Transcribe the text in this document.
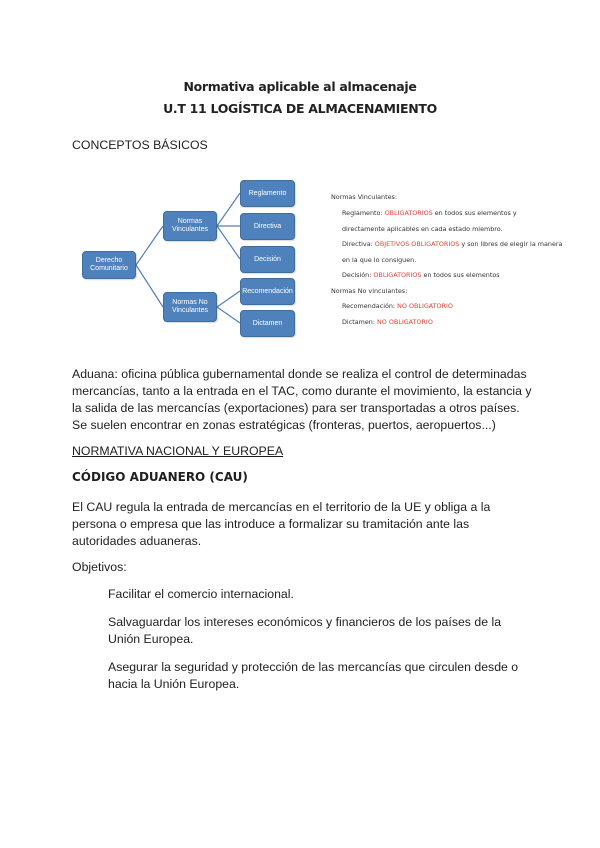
Normativa aplicable al almacenaje
U.T 11 LOGÍSTICA DE ALMACENAMIENTO
CONCEPTOS BÁSICOS
Derecho
Comunitario
Normas
Vinculantes
Normas No
Vinculantes
Reglamento
Directiva
Decisión
Recomendación
Dictamen
Normas Vinculantes:
Reglamento: OBLIGATORIOS en todos sus elementos y
directamente aplicables en cada estado miembro.
Directiva: OBJETIVOS OBLIGATORIOS y son libres de elegir la manera
en la que lo consiguen.
Decisión: OBLIGATORIOS en todos sus elementos
Normas No vinculantes:
Recomendación: NO OBLIGATORIO
Dictamen: NO OBLIGATORIO
Aduana: oficina pública gubernamental donde se realiza el control de determinadas
mercancías, tanto a la entrada en el TAC, como durante el movimiento, la estancia y
la salida de las mercancías (exportaciones) para ser transportadas a otros países.
Se suelen encontrar en zonas estratégicas (fronteras, puertos, aeropuertos...)
NORMATIVA NACIONAL Y EUROPEA
CÓDIGO ADUANERO (CAU)
El CAU regula la entrada de mercancías en el territorio de la UE y obliga a la
persona o empresa que las introduce a formalizar su tramitación ante las
autoridades aduaneras.
Objetivos:
Facilitar el comercio internacional.
Salvaguardar los intereses económicos y financieros de los países de la
Unión Europea.
Asegurar la seguridad y protección de las mercancías que circulen desde o
hacia la Unión Europea.
